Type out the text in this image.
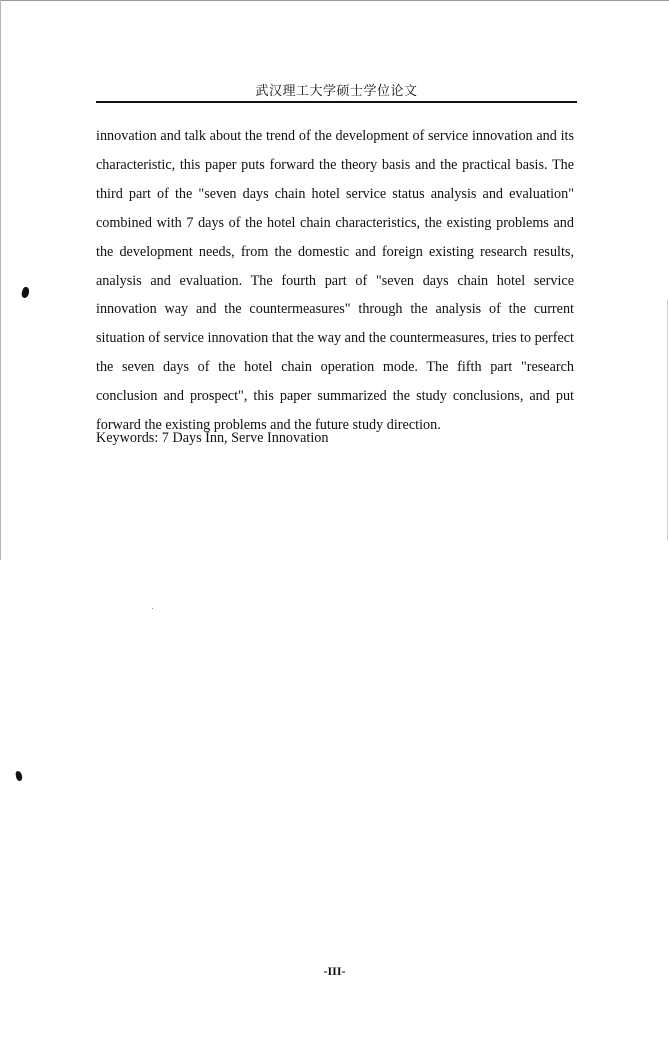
武汉理工大学硕士学位论文

innovation and talk about the trend of the development of service innovation and its characteristic, this paper puts forward the theory basis and the practical basis. The third part of the "seven days chain hotel service status analysis and evaluation" combined with 7 days of the hotel chain characteristics, the existing problems and the development needs, from the domestic and foreign existing research results, analysis and evaluation. The fourth part of "seven days chain hotel service innovation way and the countermeasures" through the analysis of the current situation of service innovation that the way and the countermeasures, tries to perfect the seven days of the hotel chain operation mode. The fifth part "research conclusion and prospect", this paper summarized the study conclusions, and put forward the existing problems and the future study direction.

Keywords: 7 Days Inn, Serve Innovation

-III-
